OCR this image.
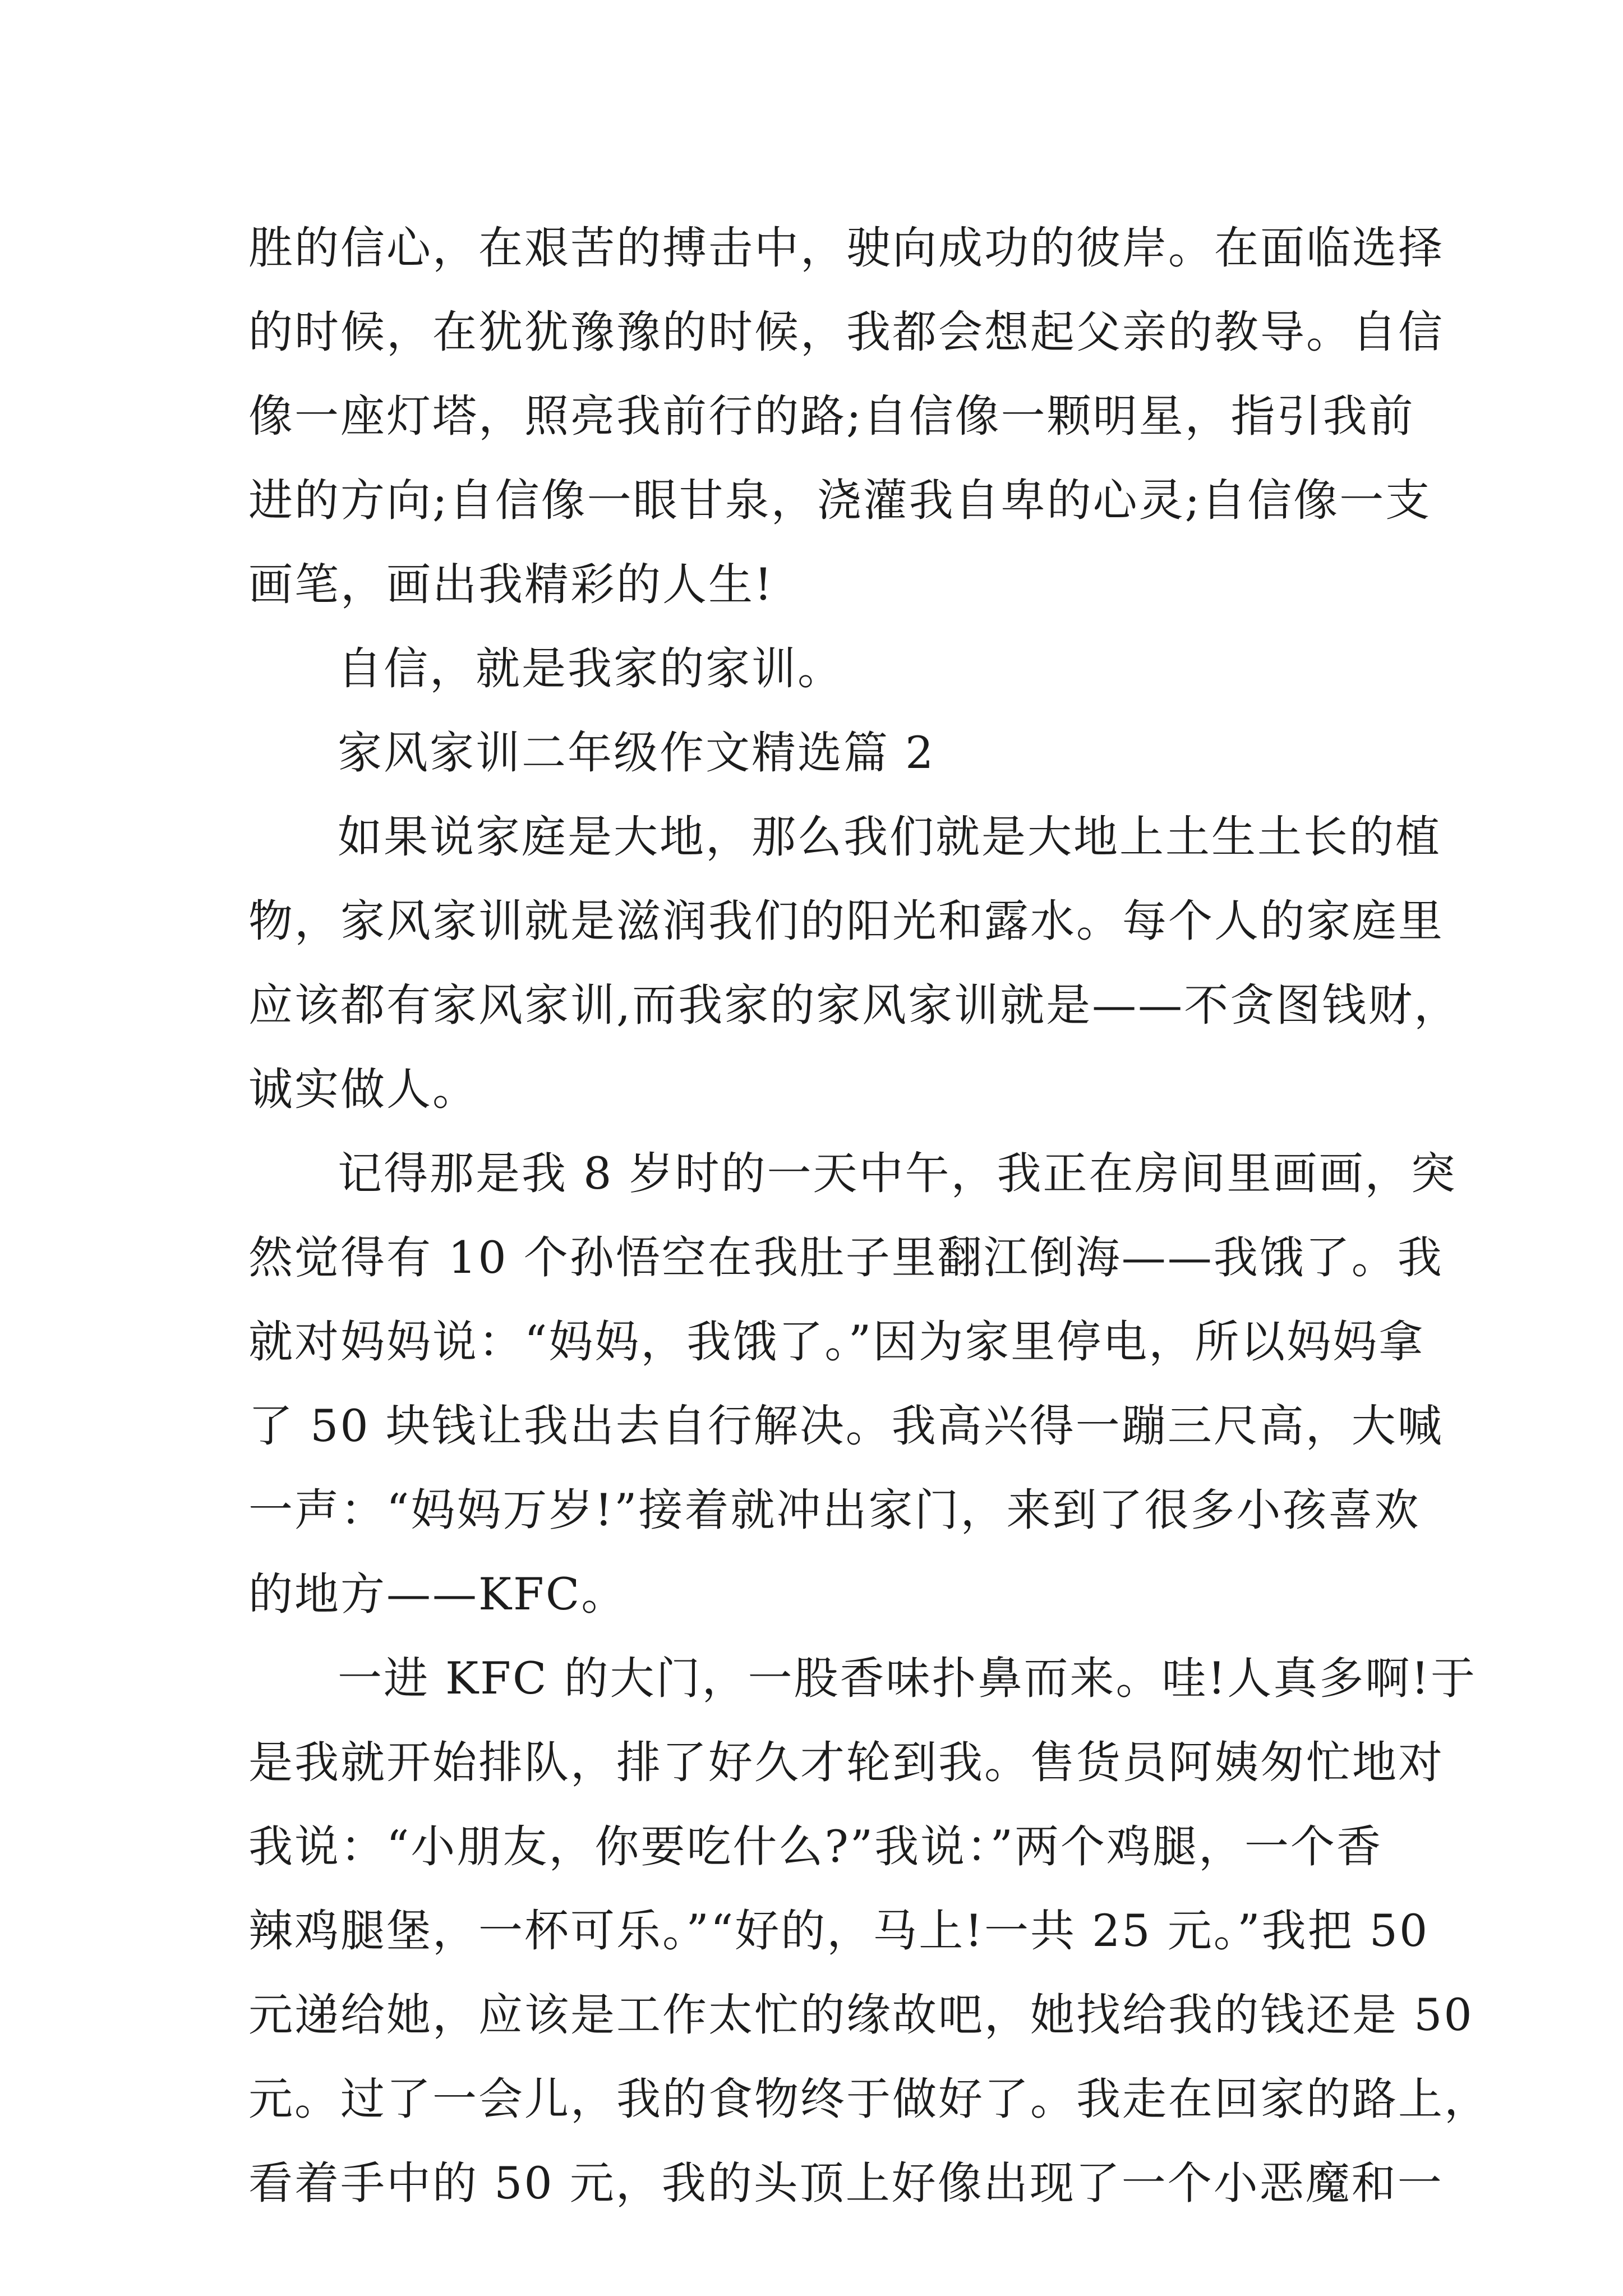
胜的信心，在艰苦的搏击中，驶向成功的彼岸。在面临选择
的时候，在犹犹豫豫的时候，我都会想起父亲的教导。自信
像一座灯塔，照亮我前行的路;自信像一颗明星，指引我前
进的方向;自信像一眼甘泉，浇灌我自卑的心灵;自信像一支
画笔，画出我精彩的人生!
自信，就是我家的家训。
家风家训二年级作文精选篇 2
如果说家庭是大地，那么我们就是大地上土生土长的植
物，家风家训就是滋润我们的阳光和露水。每个人的家庭里
应该都有家风家训,而我家的家风家训就是——不贪图钱财，
诚实做人。
记得那是我 8 岁时的一天中午，我正在房间里画画，突
然觉得有 10 个孙悟空在我肚子里翻江倒海——我饿了。我
就对妈妈说：“妈妈，我饿了。”因为家里停电，所以妈妈拿
了 50 块钱让我出去自行解决。我高兴得一蹦三尺高，大喊
一声：“妈妈万岁!”接着就冲出家门，来到了很多小孩喜欢
的地方——KFC。
一进 KFC 的大门，一股香味扑鼻而来。哇!人真多啊!于
是我就开始排队，排了好久才轮到我。售货员阿姨匆忙地对
我说：“小朋友，你要吃什么?”我说：”两个鸡腿，一个香
辣鸡腿堡，一杯可乐。”“好的，马上!一共 25 元。”我把 50
元递给她，应该是工作太忙的缘故吧，她找给我的钱还是 50
元。过了一会儿，我的食物终于做好了。我走在回家的路上，
看着手中的 50 元，我的头顶上好像出现了一个小恶魔和一
